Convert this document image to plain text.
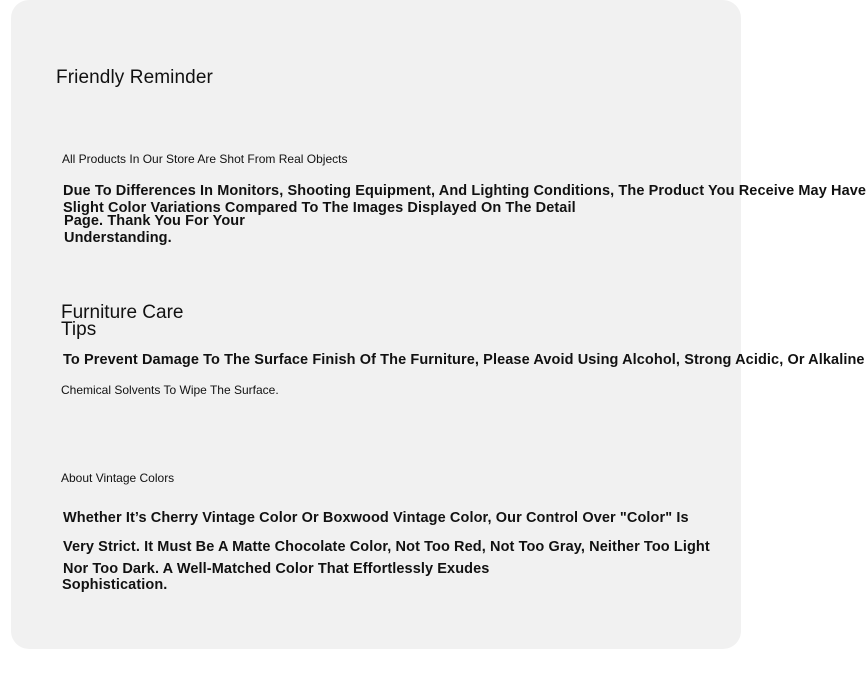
Friendly Reminder
All Products In Our Store Are Shot From Real Objects
Due To Differences In Monitors, Shooting Equipment, And Lighting Conditions, The Product You Receive May Have
Slight Color Variations Compared To The Images Displayed On The Detail
Page. Thank You For Your
Understanding.
Furniture Care Tips
To Prevent Damage To The Surface Finish Of The Furniture, Please Avoid Using Alcohol, Strong Acidic, Or Alkaline
Chemical Solvents To Wipe The Surface.
About Vintage Colors
Whether It’s Cherry Vintage Color Or Boxwood Vintage Color, Our Control Over "Color" Is
Very Strict. It Must Be A Matte Chocolate Color, Not Too Red, Not Too Gray, Neither Too Light
Nor Too Dark. A Well-Matched Color That Effortlessly Exudes
Sophistication.
